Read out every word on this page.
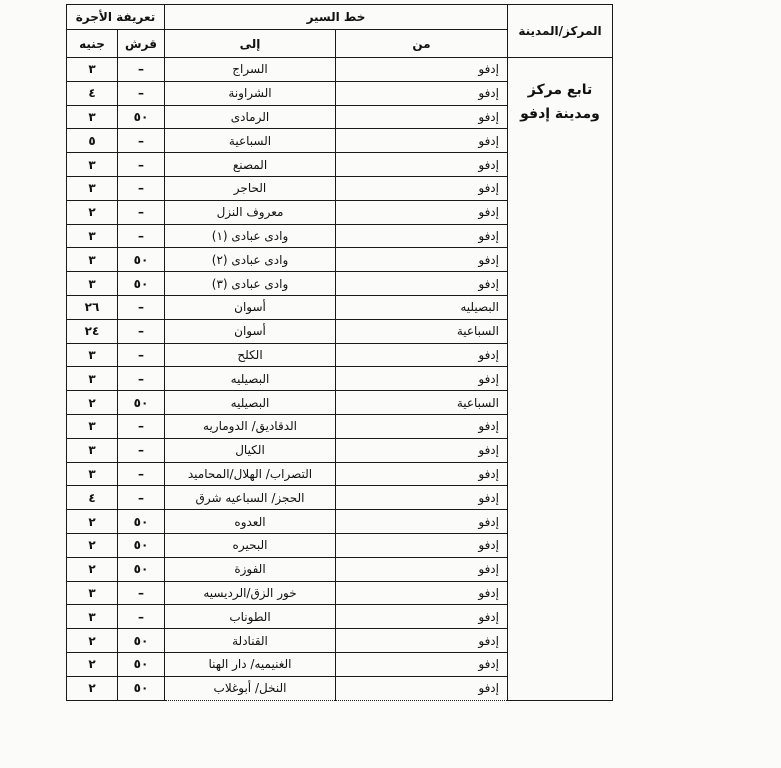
المركز/المدينة	خط السير		تعريفة الأجرة	
	من	إلى	قرش	جنيه
تابع مركز ومدينة إدفو	إدفو	السراج	–	٣
	إدفو	الشراونة	–	٤
	إدفو	الرمادى	٥٠	٣
	إدفو	السباعية	–	٥
	إدفو	المصنع	–	٣
	إدفو	الحاجر	–	٣
	إدفو	معروف النزل	–	٢
	إدفو	وادى عبادى (١)	–	٣
	إدفو	وادى عبادى (٢)	٥٠	٣
	إدفو	وادى عبادى (٣)	٥٠	٣
	البصيليه	أسوان	–	٢٦
	السباعية	أسوان	–	٢٤
	إدفو	الكلح	–	٣
	إدفو	البصيليه	–	٣
	السباعية	البصيليه	٥٠	٢
	إدفو	الدقاديق/ الدوماريه	–	٣
	إدفو	الكيال	–	٣
	إدفو	التصراب/ الهلال/المحاميد	–	٣
	إدفو	الحجز/ السباعيه شرق	–	٤
	إدفو	العدوه	٥٠	٢
	إدفو	البحيره	٥٠	٢
	إدفو	الفوزة	٥٠	٢
	إدفو	خور الزق/الرديسيه	–	٣
	إدفو	الطوناب	–	٣
	إدفو	القنادلة	٥٠	٢
	إدفو	الغنيميه/ دار الهنا	٥٠	٢
	إدفو	النخل/ أبوغلاب	٥٠	٢
